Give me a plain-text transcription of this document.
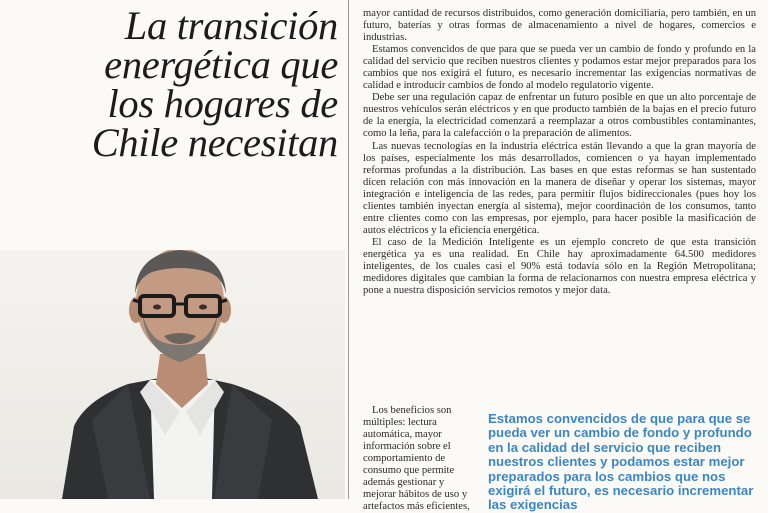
La transición energética que los hogares de Chile necesitan

mayor cantidad de recursos distribuidos, como generación domiciliaria, pero también, en un futuro, baterías y otras formas de almacenamiento a nivel de hogares, comercios e industrias.

Estamos convencidos de que para que se pueda ver un cambio de fondo y profundo en la calidad del servicio que reciben nuestros clientes y podamos estar mejor preparados para los cambios que nos exigirá el futuro, es necesario incrementar las exigencias normativas de calidad e introducir cambios de fondo al modelo regulatorio vigente.

Debe ser una regulación capaz de enfrentar un futuro posible en que un alto porcentaje de nuestros vehículos serán eléctricos y en que producto también de la bajas en el precio futuro de la energía, la electricidad comenzará a reemplazar a otros combustibles contaminantes, como la leña, para la calefacción o la preparación de alimentos.

Las nuevas tecnologías en la industria eléctrica están llevando a que la gran mayoría de los países, especialmente los más desarrollados, comiencen o ya hayan implementado reformas profundas a la distribución. Las bases en que estas reformas se han sustentado dicen relación con más innovación en la manera de diseñar y operar los sistemas, mayor integración e inteligencia de las redes, para permitir flujos bidireccionales (pues hoy los clientes también inyectan energía al sistema), mejor coordinación de los consumos, tanto entre clientes como con las empresas, por ejemplo, para hacer posible la masificación de autos eléctricos y la eficiencia energética.

El caso de la Medición Inteligente es un ejemplo concreto de que esta transición energética ya es una realidad. En Chile hay aproximadamente 64.500 medidores inteligentes, de los cuales casi el 90% está todavía sólo en la Región Metropolitana; medidores digitales que cambian la forma de relacionarnos con nuestra empresa eléctrica y pone a nuestra disposición servicios remotos y mejor data.

Los beneficios son múltiples: lectura automática, mayor información sobre el comportamiento de consumo que permite además gestionar y mejorar hábitos de uso y artefactos más eficientes,

Estamos convencidos de que para que se pueda ver un cambio de fondo y profundo en la calidad del servicio que reciben nuestros clientes y podamos estar mejor preparados para los cambios que nos exigirá el futuro, es necesario incrementar las exigencias
